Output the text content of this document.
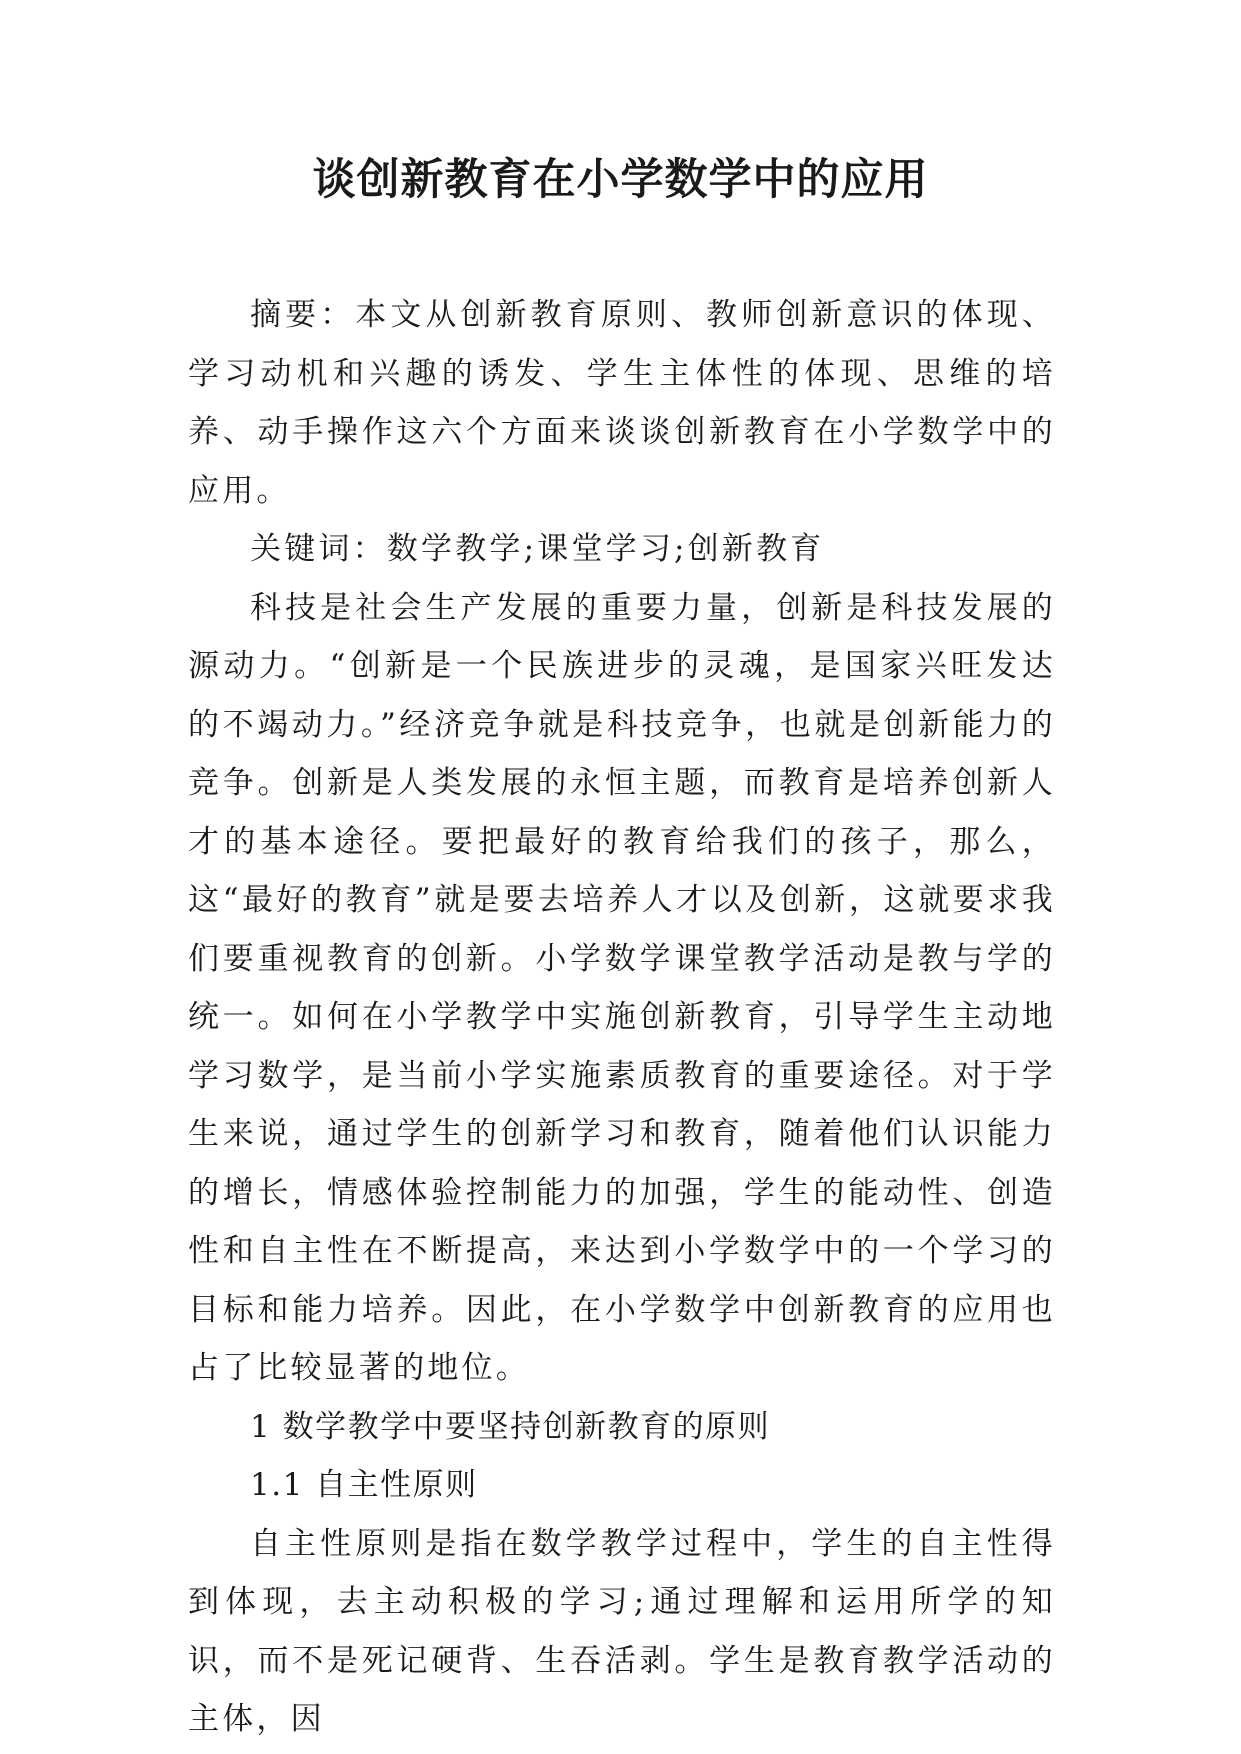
谈创新教育在小学数学中的应用

摘要：本文从创新教育原则、教师创新意识的体现、学习动机和兴趣的诱发、学生主体性的体现、思维的培养、动手操作这六个方面来谈谈创新教育在小学数学中的应用。

关键词：数学教学;课堂学习;创新教育

科技是社会生产发展的重要力量，创新是科技发展的源动力。“创新是一个民族进步的灵魂，是国家兴旺发达的不竭动力。”经济竞争就是科技竞争，也就是创新能力的竞争。创新是人类发展的永恒主题，而教育是培养创新人才的基本途径。要把最好的教育给我们的孩子，那么，这“最好的教育”就是要去培养人才以及创新，这就要求我们要重视教育的创新。小学数学课堂教学活动是教与学的统一。如何在小学教学中实施创新教育，引导学生主动地学习数学，是当前小学实施素质教育的重要途径。对于学生来说，通过学生的创新学习和教育，随着他们认识能力的增长，情感体验控制能力的加强，学生的能动性、创造性和自主性在不断提高，来达到小学数学中的一个学习的目标和能力培养。因此，在小学数学中创新教育的应用也占了比较显著的地位。

1 数学教学中要坚持创新教育的原则

1.1 自主性原则

自主性原则是指在数学教学过程中，学生的自主性得到体现，去主动积极的学习;通过理解和运用所学的知识，而不是死记硬背、生吞活剥。学生是教育教学活动的主体，因
